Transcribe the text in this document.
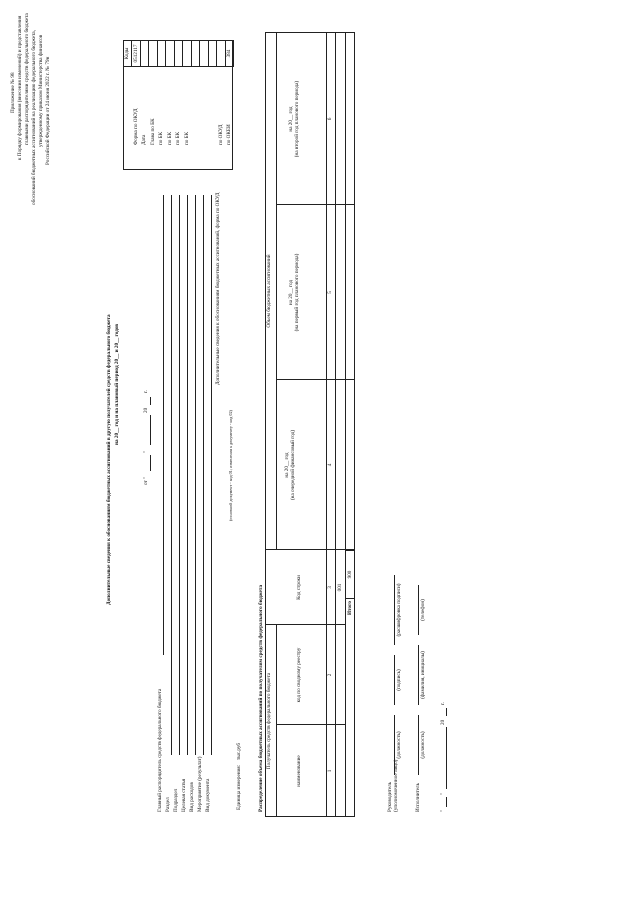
Приложение № 98 к Порядку формирования (внесения изменений) и представления главными распорядителями средств федерального бюджета обоснований бюджетных ассигнований на реализацию федерального бюджета, утвержденному приказом Министерства финансов Российской Федерации от 24 июня 2022 г. № 79н
Дополнительные сведения к обоснованиям бюджетных ассигнований в другую получателей средств федерального бюджета на 20__ год и на плановый период 20__ и 20__ годов
от "
"
20
г.
Коды
Форма по ОКУД
0512117
Дата Глава по БК по БК по БК по БК по БК	по ОКУД по ОКЕИ
384
Главный распорядитель средств федерального бюджета Раздел Подраздел Целевая статья Вид расходов Мероприятие (результат) Вид документа
(основной документ - код 01; изменения к документу - код 02)
Дополнительные сведения к обоснованиям бюджетных ассигнований, форма по ОКУД
Единица измерения:
тыс.руб	Распределение объема бюджетных ассигнований по получателям средств федерального бюджета Получатель средств федерального бюджета
наименование
код по сводному реестру
Код строки
Объем бюджетных ассигнований
на 20__ год
(на очередной финансовый год)
на 20__ год
(на первый год планового периода)
на 20__ год
(на второй год планового периода)
1
2
3
4
5
6
001
Итого
900
Руководитель
(уполномоченное лицо)
(должность)
(подпись)
(расшифровка подписи)
Исполнитель
(должность)
(фамилия, инициалы)
(телефон)
"
"
20
г.
